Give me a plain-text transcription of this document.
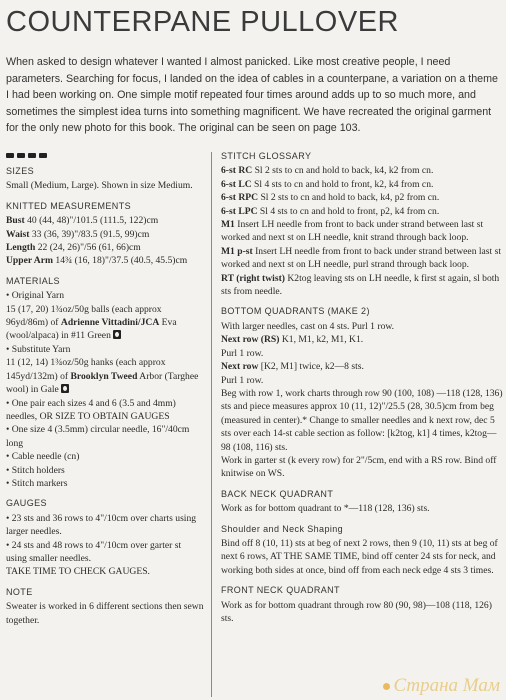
COUNTERPANE PULLOVER
When asked to design whatever I wanted I almost panicked. Like most creative people, I need parameters. Searching for focus, I landed on the idea of cables in a counterpane, a variation on a theme I had been working on. One simple motif repeated four times around adds up to so much more, and sometimes the simplest idea turns into something magnificent. We have recreated the original garment for the only new photo for this book. The original can be seen on page 103.
SIZES

Small (Medium, Large). Shown in size Medium.

KNITTED MEASUREMENTS

Bust 40 (44, 48)"/101.5 (111.5, 122)cm

Waist 33 (36, 39)"/83.5 (91.5, 99)cm

Length 22 (24, 26)"/56 (61, 66)cm

Upper Arm 14¾ (16, 18)"/37.5 (40.5, 45.5)cm

MATERIALS

• Original Yarn

15 (17, 20) 1¾oz/50g balls (each approx 96yd/86m) of Adrienne Vittadini/JCA Eva (wool/alpaca) in #11 Green

• Substitute Yarn

11 (12, 14) 1¾oz/50g hanks (each approx 145yd/132m) of Brooklyn Tweed Arbor (Targhee wool) in Gale

• One pair each sizes 4 and 6 (3.5 and 4mm) needles, OR SIZE TO OBTAIN GAUGES

• One size 4 (3.5mm) circular needle, 16"/40cm long

• Cable needle (cn)

• Stitch holders

• Stitch markers

GAUGES

• 23 sts and 36 rows to 4"/10cm over charts using larger needles.

• 24 sts and 48 rows to 4"/10cm over garter st using smaller needles.

TAKE TIME TO CHECK GAUGES.

NOTE

Sweater is worked in 6 different sections then sewn together.

STITCH GLOSSARY

6-st RC Sl 2 sts to cn and hold to back, k4, k2 from cn.

6-st LC Sl 4 sts to cn and hold to front, k2, k4 from cn.

6-st RPC Sl 2 sts to cn and hold to back, k4, p2 from cn.

6-st LPC Sl 4 sts to cn and hold to front, p2, k4 from cn.

M1 Insert LH needle from front to back under strand between last st worked and next st on LH needle, knit strand through back loop.

M1 p-st Insert LH needle from front to back under strand between last st worked and next st on LH needle, purl strand through back loop.

RT (right twist) K2tog leaving sts on LH needle, k first st again, sl both sts from needle.

BOTTOM QUADRANTS (MAKE 2)

With larger needles, cast on 4 sts. Purl 1 row.

Next row (RS) K1, M1, k2, M1, K1.

Purl 1 row.

Next row [K2, M1] twice, k2—8 sts.

Purl 1 row.

Beg with row 1, work charts through row 90 (100, 108) —118 (128, 136) sts and piece measures approx 10 (11, 12)"/25.5 (28, 30.5)cm from beg (measured in center).* Change to smaller needles and k next row, dec 5 sts over each 14-st cable section as follow: [k2tog, k1] 4 times, k2tog—98 (108, 116) sts.

Work in garter st (k every row) for 2"/5cm, end with a RS row. Bind off knitwise on WS.

BACK NECK QUADRANT

Work as for bottom quadrant to *—118 (128, 136) sts.

Shoulder and Neck Shaping

Bind off 8 (10, 11) sts at beg of next 2 rows, then 9 (10, 11) sts at beg of next 6 rows, AT THE SAME TIME, bind off center 24 sts for neck, and working both sides at once, bind off from each neck edge 4 sts 3 times.

FRONT NECK QUADRANT

Work as for bottom quadrant through row 80 (90, 98)—108 (118, 126) sts.

Страна Мам
